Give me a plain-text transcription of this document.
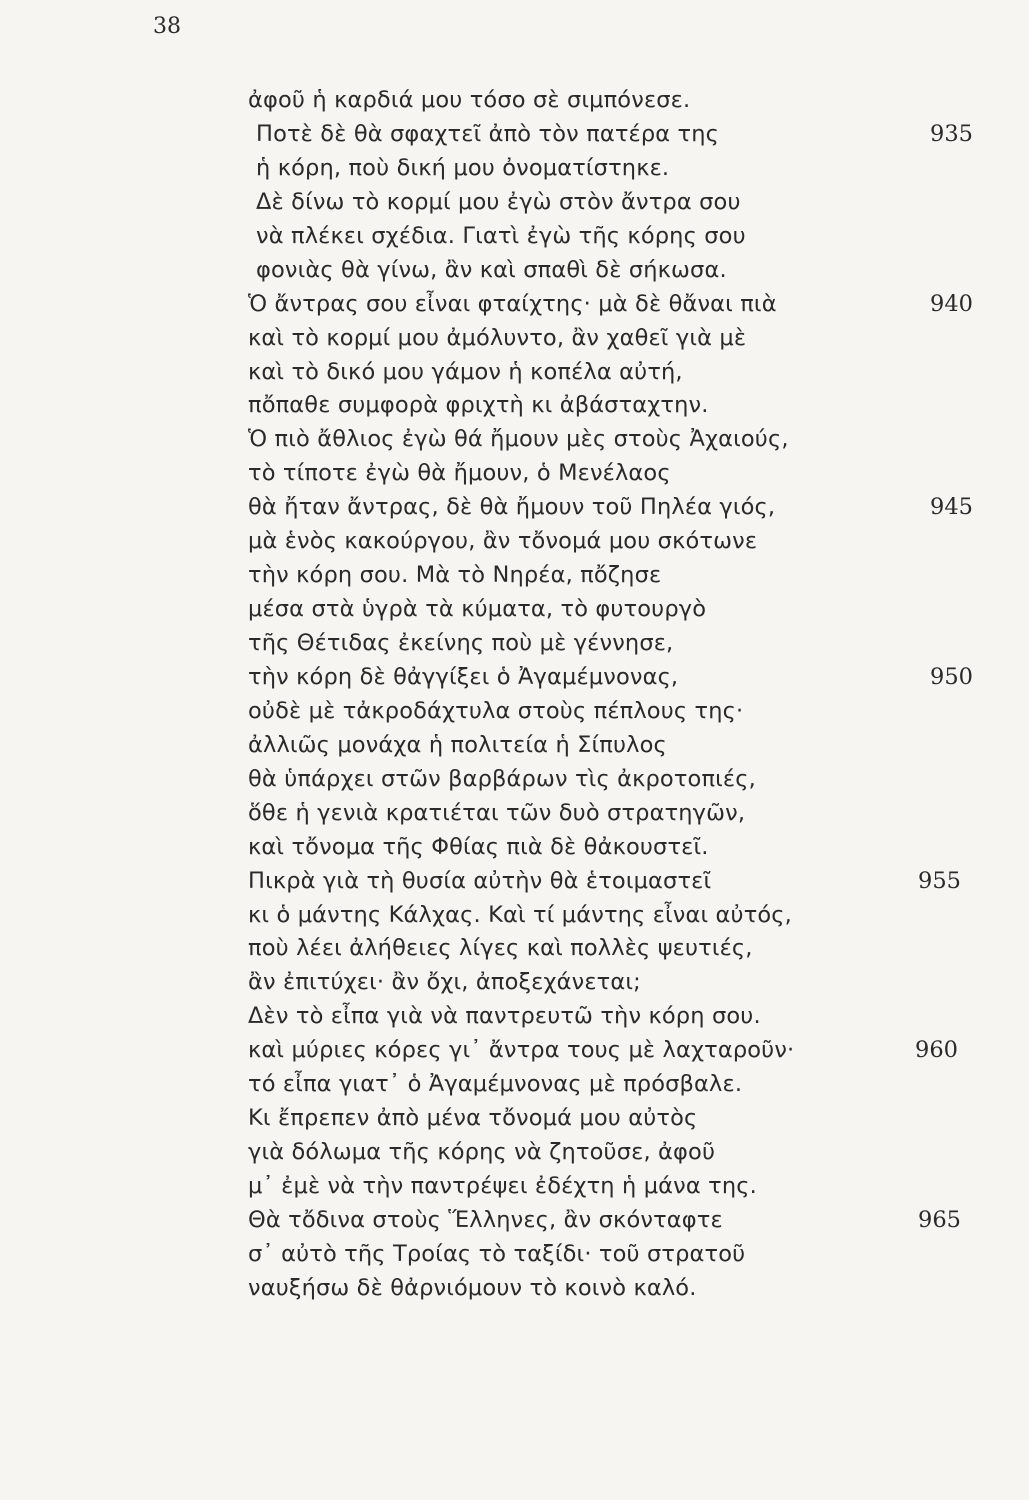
38
ἀφοῦ ἡ καρδιά μου τόσο σὲ σιμπόνεσε.
Ποτὲ δὲ θὰ σφαχτεῖ ἀπὸ τὸν πατέρα της	935
ἡ κόρη, ποὺ δική μου ὀνοματίστηκε.
Δὲ δίνω τὸ κορμί μου ἐγὼ στὸν ἄντρα σου
νὰ πλέκει σχέδια. Γιατὶ ἐγὼ τῆς κόρης σου
φονιὰς θὰ γίνω, ἂν καὶ σπαθὶ δὲ σήκωσα.
Ὁ ἄντρας σου εἶναι φταίχτης· μὰ δὲ θἄναι πιὰ	940
καὶ τὸ κορμί μου ἀμόλυντο, ἂν χαθεῖ γιὰ μὲ
καὶ τὸ δικό μου γάμον ἡ κοπέλα αὐτή,
πὄπαθε συμφορὰ φριχτὴ κι ἀβάσταχτην.
Ὁ πιὸ ἄθλιος ἐγὼ θά ἤμουν μὲς στοὺς Ἀχαιούς,
τὸ τίποτε ἐγὼ θὰ ἤμουν, ὁ Μενέλαος
θὰ ἤταν ἄντρας, δὲ θὰ ἤμουν τοῦ Πηλέα γιός,	945
μὰ ἑνὸς κακούργου, ἂν τὄνομά μου σκότωνε
τὴν κόρη σου. Μὰ τὸ Νηρέα, πὄζησε
μέσα στὰ ὑγρὰ τὰ κύματα, τὸ φυτουργὸ
τῆς Θέτιδας ἐκείνης ποὺ μὲ γέννησε,
τὴν κόρη δὲ θἀγγίξει ὁ Ἀγαμέμνονας,	950
οὐδὲ μὲ τἀκροδάχτυλα στοὺς πέπλους της·
ἀλλιῶς μονάχα ἡ πολιτεία ἡ Σίπυλος
θὰ ὑπάρχει στῶν βαρβάρων τὶς ἀκροτοπιές,
ὅθε ἡ γενιὰ κρατιέται τῶν δυὸ στρατηγῶν,
καὶ τὄνομα τῆς Φθίας πιὰ δὲ θἀκουστεῖ.
Πικρὰ γιὰ τὴ θυσία αὐτὴν θὰ ἑτοιμαστεῖ	955
κι ὁ μάντης Κάλχας. Καὶ τί μάντης εἶναι αὐτός,
ποὺ λέει ἀλήθειες λίγες καὶ πολλὲς ψευτιές,
ἂν ἐπιτύχει· ἂν ὄχι, ἀποξεχάνεται;
Δὲν τὸ εἶπα γιὰ νὰ παντρευτῶ τὴν κόρη σου.
καὶ μύριες κόρες γι᾿ ἄντρα τους μὲ λαχταροῦν·	960
τό εἶπα γιατ᾿ ὁ Ἀγαμέμνονας μὲ πρόσβαλε.
Κι ἔπρεπεν ἀπὸ μένα τὄνομά μου αὐτὸς
γιὰ δόλωμα τῆς κόρης νὰ ζητοῦσε, ἀφοῦ
μ᾿ ἐμὲ νὰ τὴν παντρέψει ἐδέχτη ἡ μάνα της.
Θὰ τὄδινα στοὺς Ἕλληνες, ἂν σκόνταφτε	965
σ᾿ αὐτὸ τῆς Τροίας τὸ ταξίδι· τοῦ στρατοῦ
ναυξήσω δὲ θἀρνιόμουν τὸ κοινὸ καλό.
